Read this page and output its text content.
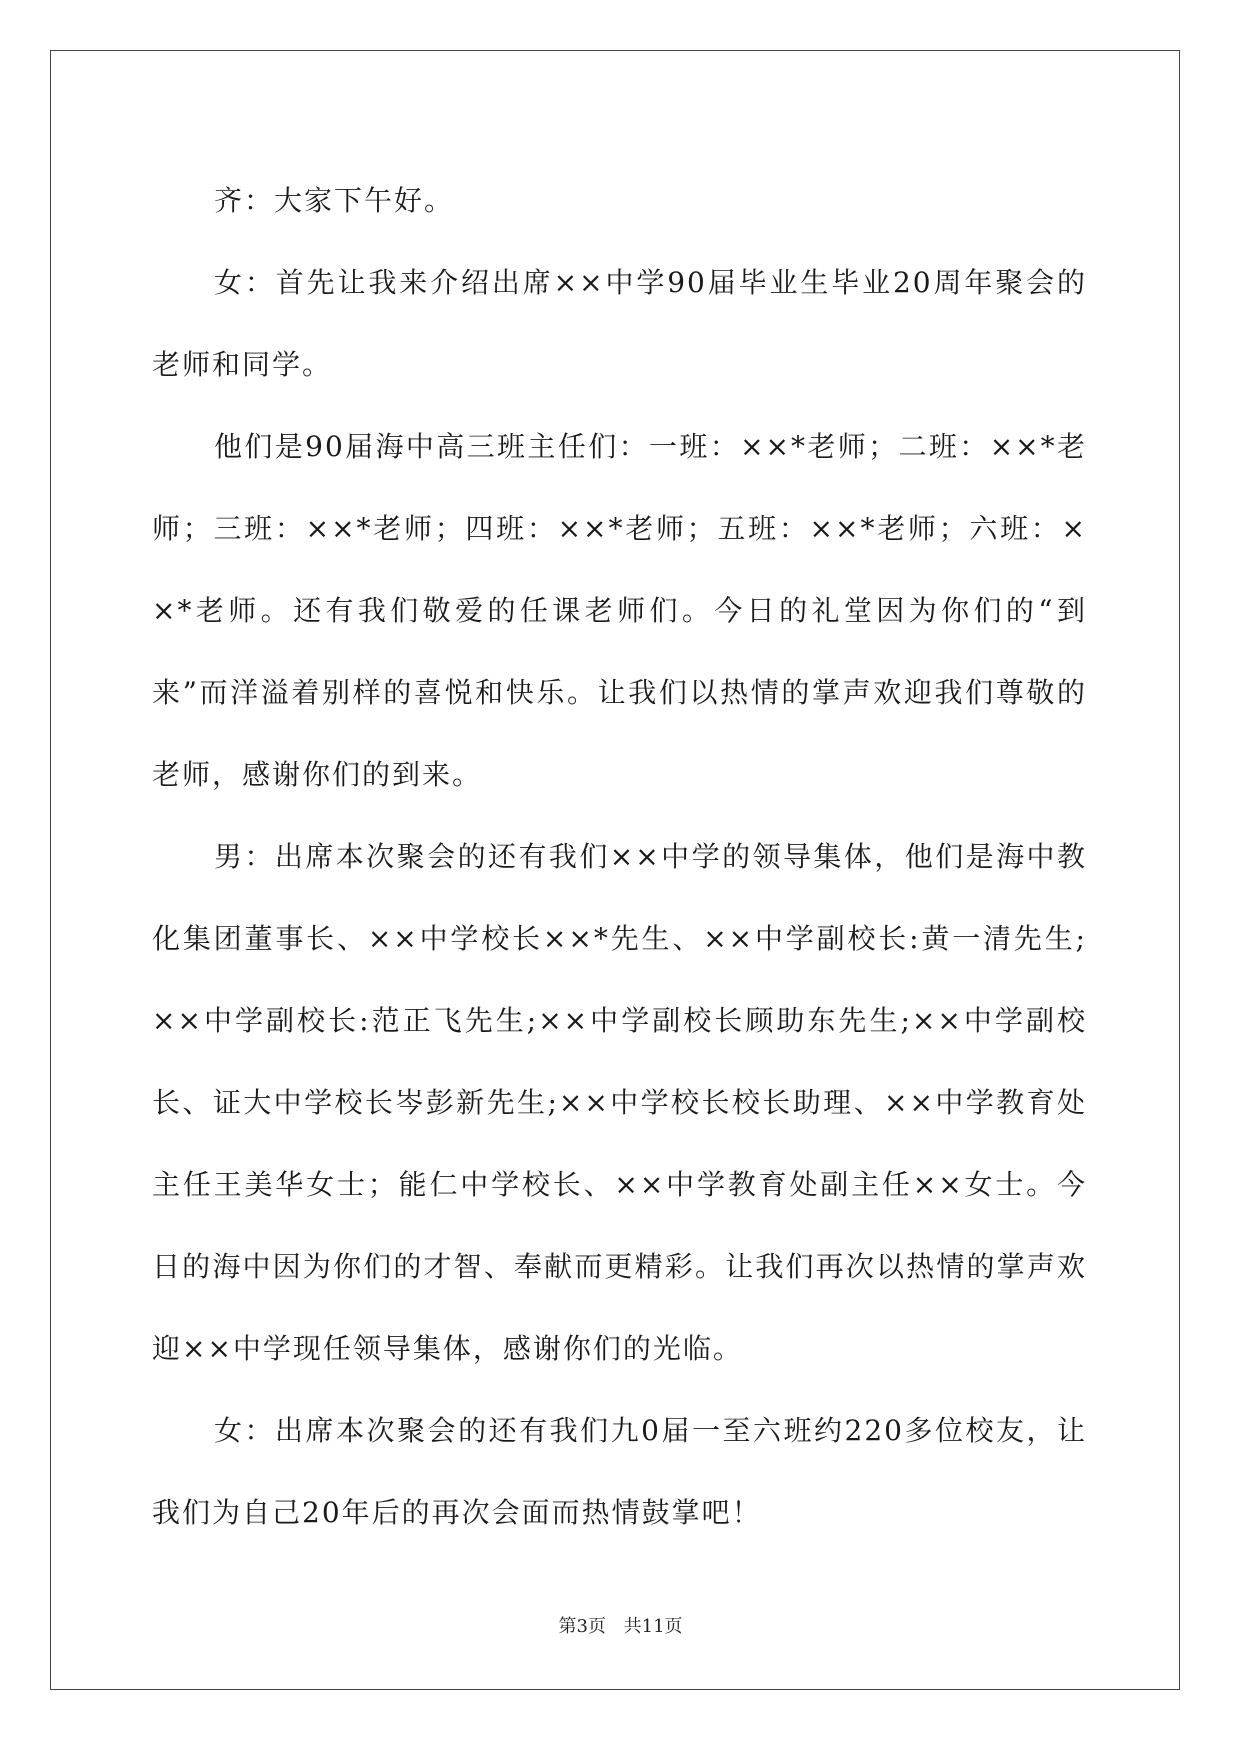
齐：大家下午好。

女：首先让我来介绍出席××中学90届毕业生毕业20周年聚会的老师和同学。

他们是90届海中高三班主任们：一班：××*老师；二班：××*老师；三班：××*老师；四班：××*老师；五班：××*老师；六班：××*老师。还有我们敬爱的任课老师们。今日的礼堂因为你们的“到来”而洋溢着别样的喜悦和快乐。让我们以热情的掌声欢迎我们尊敬的老师，感谢你们的到来。

男：出席本次聚会的还有我们××中学的领导集体，他们是海中教化集团董事长、××中学校长××*先生、××中学副校长:黄一清先生;××中学副校长:范正飞先生;××中学副校长顾助东先生;××中学副校长、证大中学校长岑彭新先生;××中学校长校长助理、××中学教育处主任王美华女士；能仁中学校长、××中学教育处副主任××女士。今日的海中因为你们的才智、奉献而更精彩。让我们再次以热情的掌声欢迎××中学现任领导集体，感谢你们的光临。

女：出席本次聚会的还有我们九0届一至六班约220多位校友，让我们为自己20年后的再次会面而热情鼓掌吧！

第3页 共11页
